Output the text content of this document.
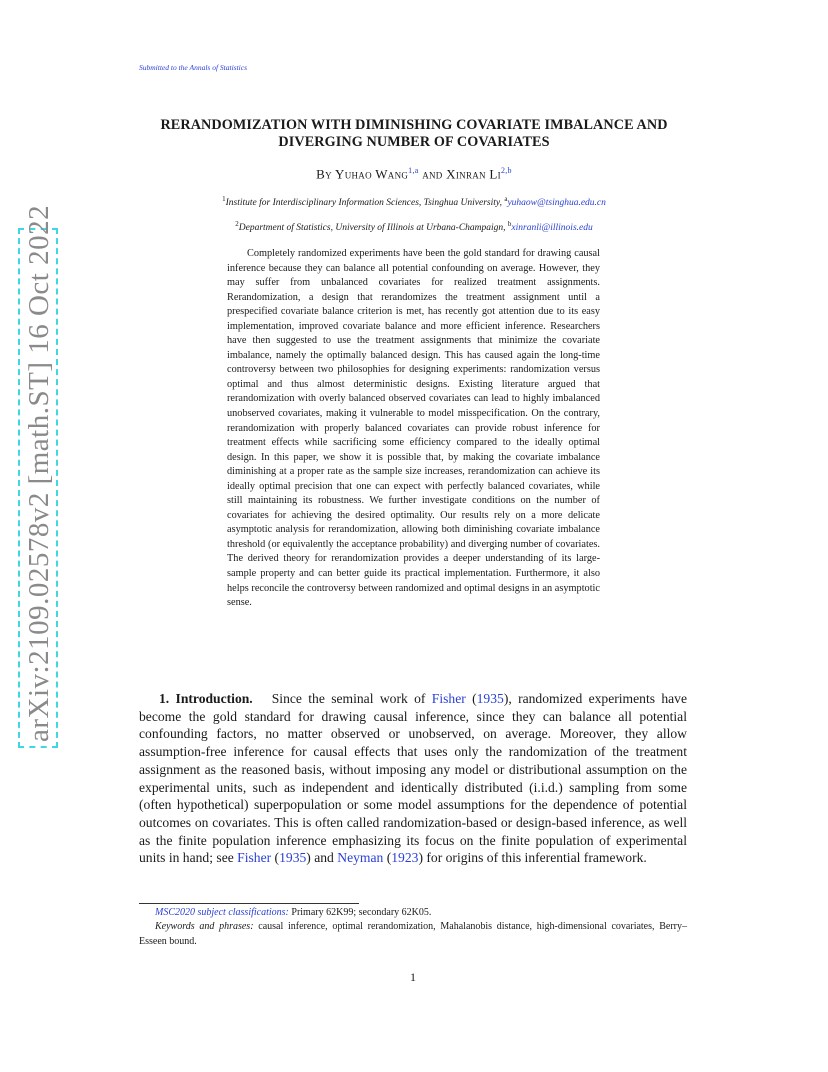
Submitted to the Annals of Statistics
arXiv:2109.02578v2 [math.ST] 16 Oct 2022
RERANDOMIZATION WITH DIMINISHING COVARIATE IMBALANCE AND DIVERGING NUMBER OF COVARIATES
By Yuhao Wang$^{1,a}$ and Xinran Li$^{2,b}$
$^1$Institute for Interdisciplinary Information Sciences, Tsinghua University, $^a$yuhaow@tsinghua.edu.cn
$^2$Department of Statistics, University of Illinois at Urbana-Champaign, $^b$xinranli@illinois.edu

Completely randomized experiments have been the gold standard for drawing causal inference because they can balance all potential confounding on average. However, they may suffer from unbalanced covariates for realized treatment assignments. Rerandomization, a design that rerandomizes the treatment assignment until a prespecified covariate balance criterion is met, has recently got attention due to its easy implementation, improved covariate balance and more efficient inference. Researchers have then suggested to use the treatment assignments that minimize the covariate imbalance, namely the optimally balanced design. This has caused again the long-time controversy between two philosophies for designing experiments: randomization versus optimal and thus almost deterministic designs. Existing literature argued that rerandomization with overly balanced observed covariates can lead to highly imbalanced unobserved covariates, making it vulnerable to model misspecification. On the contrary, rerandomization with properly balanced covariates can provide robust inference for treatment effects while sacrificing some efficiency compared to the ideally optimal design. In this paper, we show it is possible that, by making the covariate imbalance diminishing at a proper rate as the sample size increases, rerandomization can achieve its ideally optimal precision that one can expect with perfectly balanced covariates, while still maintaining its robustness. We further investigate conditions on the number of covariates for achieving the desired optimality. Our results rely on a more delicate asymptotic analysis for rerandomization, allowing both diminishing covariate imbalance threshold (or equivalently the acceptance probability) and diverging number of covariates. The derived theory for rerandomization provides a deeper understanding of its large-sample property and can better guide its practical implementation. Furthermore, it also helps reconcile the controversy between randomized and optimal designs in an asymptotic sense.

1. Introduction. Since the seminal work of Fisher (1935), randomized experiments have become the gold standard for drawing causal inference, since they can balance all potential confounding factors, no matter observed or unobserved, on average. Moreover, they allow assumption-free inference for causal effects that uses only the randomization of the treatment assignment as the reasoned basis, without imposing any model or distributional assumption on the experimental units, such as independent and identically distributed (i.i.d.) sampling from some (often hypothetical) superpopulation or some model assumptions for the dependence of potential outcomes on covariates. This is often called randomization-based or design-based inference, as well as the finite population inference emphasizing its focus on the finite population of experimental units in hand; see Fisher (1935) and Neyman (1923) for origins of this inferential framework.

MSC2020 subject classifications: Primary 62K99; secondary 62K05.

Keywords and phrases: causal inference, optimal rerandomization, Mahalanobis distance, high-dimensional covariates, Berry–Esseen bound.

1
